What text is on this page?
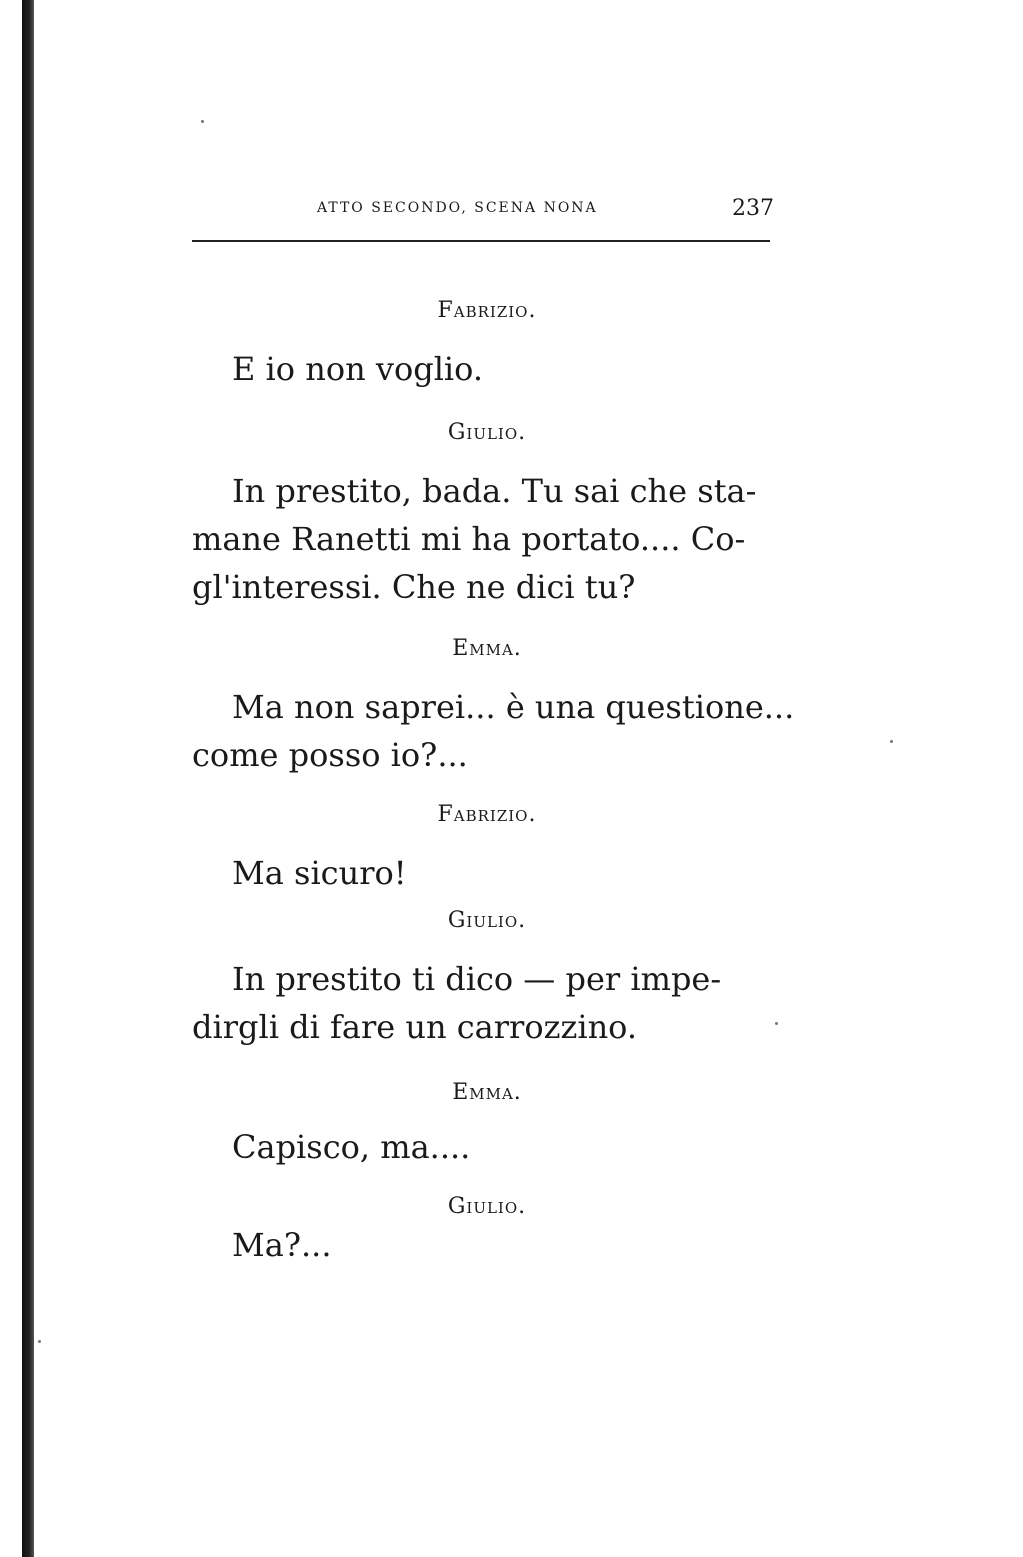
ATTO SECONDO, SCENA NONA	237
Fabrizio.
E io non voglio.
Giulio.
In prestito, bada. Tu sai che sta-
mane Ranetti mi ha portato.... Co-
gl'interessi. Che ne dici tu?
Emma.
Ma non saprei... è una questione...
come posso io?...
Fabrizio.
Ma sicuro!
Giulio.
In prestito ti dico — per impe-
dirgli di fare un carrozzino.
Emma.
Capisco, ma....
Giulio.
Ma?...
